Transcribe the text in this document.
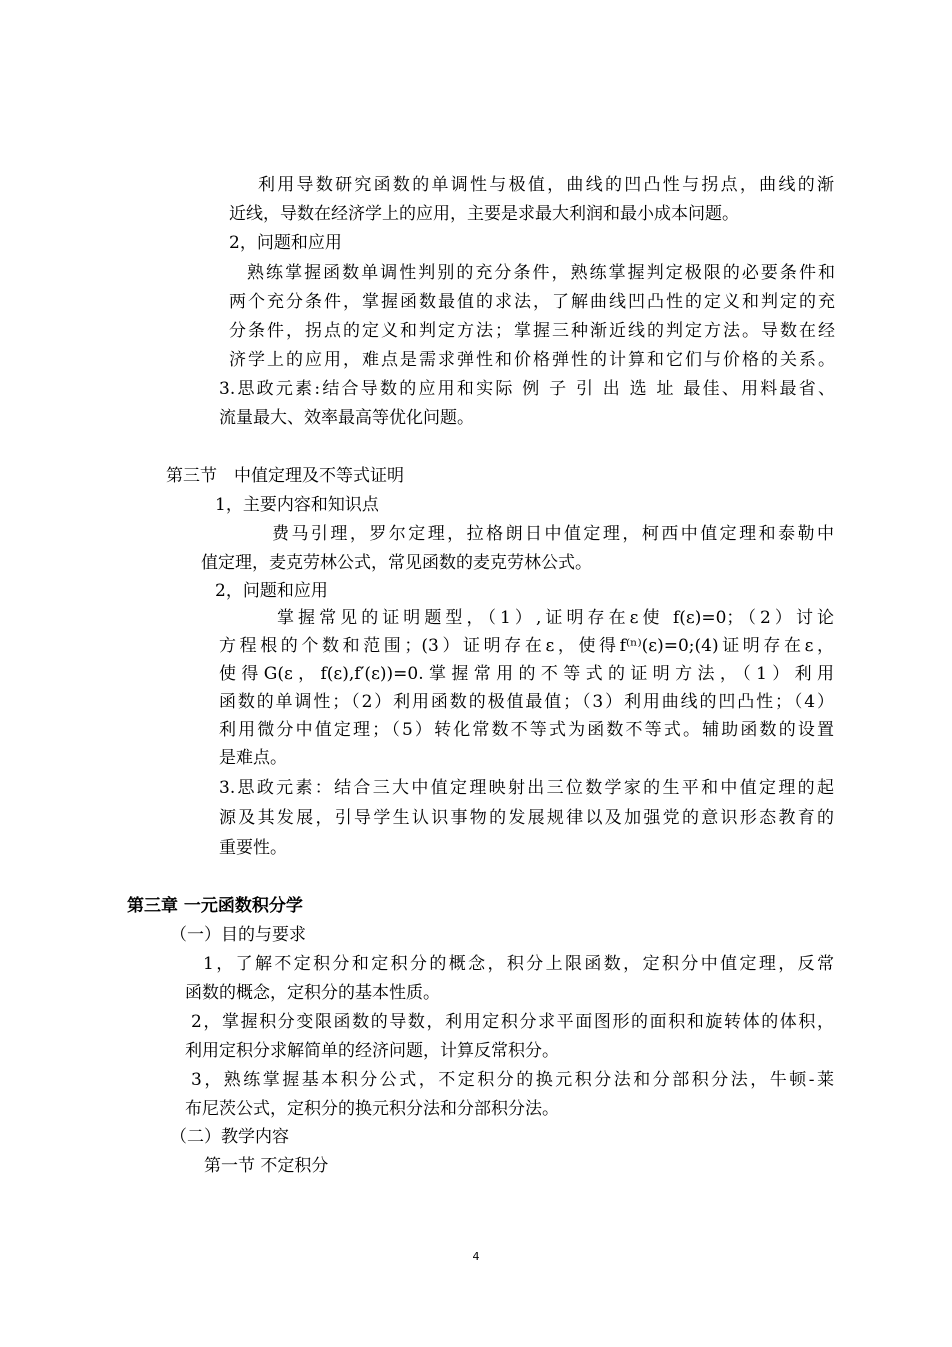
利用导数研究函数的单调性与极值，曲线的凹凸性与拐点，曲线的渐
近线，导数在经济学上的应用，主要是求最大利润和最小成本问题。
2，问题和应用
熟练掌握函数单调性判别的充分条件，熟练掌握判定极限的必要条件和
两个充分条件，掌握函数最值的求法，了解曲线凹凸性的定义和判定的充
分条件，拐点的定义和判定方法；掌握三种渐近线的判定方法。导数在经
济学上的应用，难点是需求弹性和价格弹性的计算和它们与价格的关系。
3.思政元素:结合导数的应用和实际 例 子 引 出 选 址 最佳、用料最省、
流量最大、效率最高等优化问题。
第三节　中值定理及不等式证明
1，主要内容和知识点
费马引理，罗尔定理，拉格朗日中值定理，柯西中值定理和泰勒中
值定理，麦克劳林公式，常见函数的麦克劳林公式。
2，问题和应用
掌握常见的证明题型，（1）,证明存在ε使 f(ε)=0；（2）讨论
方程根的个数和范围；(3）证明存在ε，使得f⁽ⁿ⁾(ε)=0;(4)证明存在ε，
使得G(ε，f(ε),f′(ε))=0.掌握常用的不等式的证明方法，（1）利用
函数的单调性；（2）利用函数的极值最值；（3）利用曲线的凹凸性；（4）
利用微分中值定理；（5）转化常数不等式为函数不等式。辅助函数的设置
是难点。
3.思政元素：结合三大中值定理映射出三位数学家的生平和中值定理的起
源及其发展，引导学生认识事物的发展规律以及加强党的意识形态教育的
重要性。
第三章 一元函数积分学
（一）目的与要求
1，了解不定积分和定积分的概念，积分上限函数，定积分中值定理，反常
函数的概念，定积分的基本性质。
2，掌握积分变限函数的导数，利用定积分求平面图形的面积和旋转体的体积，
利用定积分求解简单的经济问题，计算反常积分。
3，熟练掌握基本积分公式，不定积分的换元积分法和分部积分法，牛顿-莱
布尼茨公式，定积分的换元积分法和分部积分法。
（二）教学内容
第一节 不定积分
4
